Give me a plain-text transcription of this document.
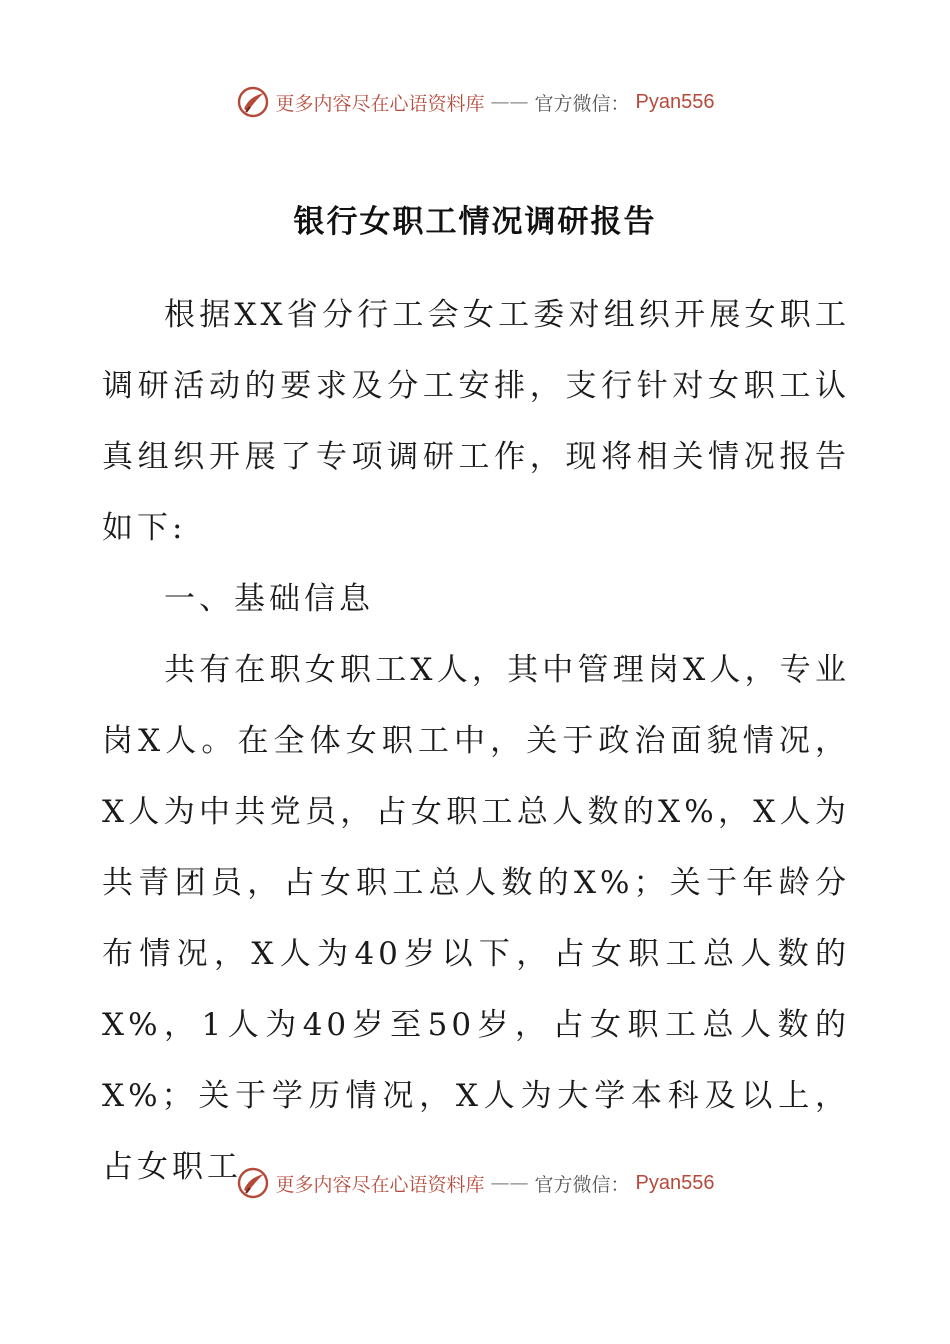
更多内容尽在心语资料库 —— 官方微信： Pyan556
银行女职工情况调研报告

根据XX省分行工会女工委对组织开展女职工调研活动的要求及分工安排，支行针对女职工认真组织开展了专项调研工作，现将相关情况报告如下:

一、基础信息

共有在职女职工X人，其中管理岗X人，专业岗X人。在全体女职工中，关于政治面貌情况，X人为中共党员，占女职工总人数的X%，X人为共青团员，占女职工总人数的X%；关于年龄分布情况，X人为40岁以下，占女职工总人数的X%，1人为40岁至50岁，占女职工总人数的X%；关于学历情况，X人为大学本科及以上，占女职工	更多内容尽在心语资料库 —— 官方微信： Pyan556
